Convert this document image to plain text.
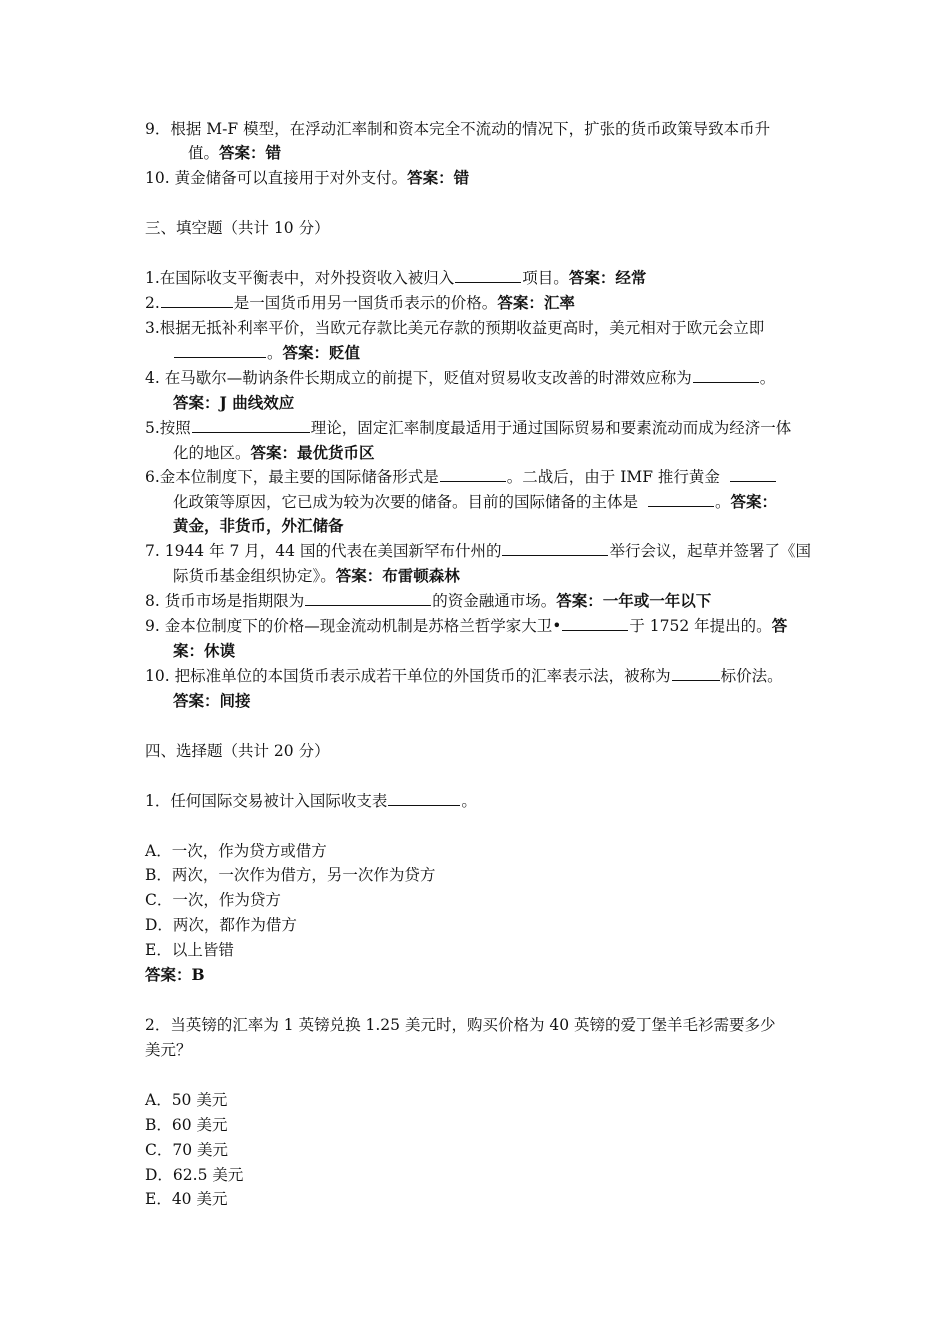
9．根据 M-F 模型，在浮动汇率制和资本完全不流动的情况下，扩张的货币政策导致本币升
值。答案：错
10. 黄金储备可以直接用于对外支付。答案：错
三、填空题（共计 10 分）
1.在国际收支平衡表中，对外投资收入被归入	项目。答案：经常
2.	是一国货币用另一国货币表示的价格。答案：汇率
3.根据无抵补利率平价，当欧元存款比美元存款的预期收益更高时，美元相对于欧元会立即
。答案：贬值
4. 在马歇尔—勒讷条件长期成立的前提下，贬值对贸易收支改善的时滞效应称为	。
答案：J 曲线效应
5.按照	理论，固定汇率制度最适用于通过国际贸易和要素流动而成为经济一体
化的地区。答案：最优货币区
6.金本位制度下，最主要的国际储备形式是	。二战后，由于 IMF 推行黄金
化政策等原因，它已成为较为次要的储备。目前的国际储备的主体是	。答案：
黄金，非货币，外汇储备
7. 1944 年 7 月，44 国的代表在美国新罕布什州的	举行会议，起草并签署了《国
际货币基金组织协定》。答案：布雷顿森林
8. 货币市场是指期限为	的资金融通市场。答案：一年或一年以下
9. 金本位制度下的价格—现金流动机制是苏格兰哲学家大卫•	于 1752 年提出的。答
案：休谟
10. 把标准单位的本国货币表示成若干单位的外国货币的汇率表示法，被称为	标价法。
答案：间接
四、选择题（共计 20 分）
1．任何国际交易被计入国际收支表	。
A．一次，作为贷方或借方
B．两次，一次作为借方，另一次作为贷方
C．一次，作为贷方
D．两次，都作为借方
E．以上皆错
答案：B
2．当英镑的汇率为 1 英镑兑换 1.25 美元时，购买价格为 40 英镑的爱丁堡羊毛衫需要多少
美元？
A．50 美元
B．60 美元
C．70 美元
D．62.5 美元
E．40 美元
